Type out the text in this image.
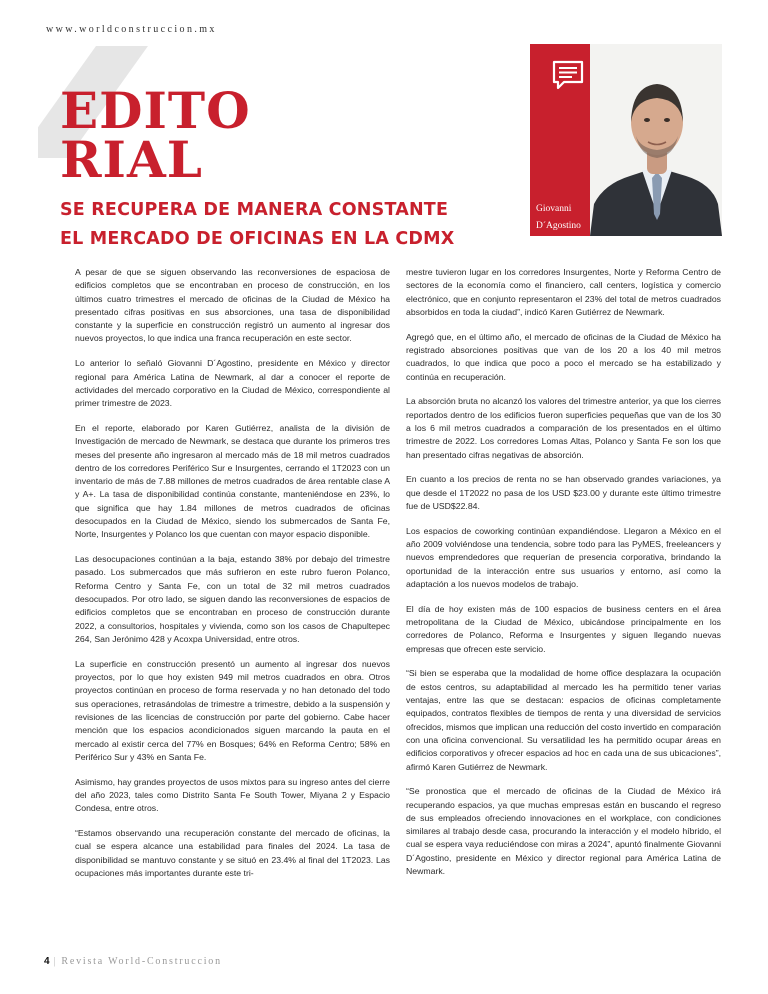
www.worldconstruccion.mx
EDITO
RIAL
SE RECUPERA DE MANERA CONSTANTE
EL MERCADO DE OFICINAS EN LA CDMX
Giovanni
D´Agostino

A pesar de que se siguen observando las reconversiones de espaciosa de edificios completos que se encontraban en proceso de construcción, en los últimos cuatro trimestres el mercado de oficinas de la Ciudad de México ha presentado cifras positivas en sus absorciones, una tasa de disponibilidad constante y la superficie en construcción registró un aumento al ingresar dos nuevos proyectos, lo que indica una franca recuperación en este sector.

Lo anterior lo señaló Giovanni D´Agostino, presidente en México y director regional para América Latina de Newmark, al dar a conocer el reporte de actividades del mercado corporativo en la Ciudad de México, correspondiente al primer trimestre de 2023.

En el reporte, elaborado por Karen Gutiérrez, analista de la división de Investigación de mercado de Newmark, se destaca que durante los primeros tres meses del presente año ingresaron al mercado más de 18 mil metros cuadrados dentro de los corredores Periférico Sur e Insurgentes, cerrando el 1T2023 con un inventario de más de 7.88 millones de metros cuadrados de área rentable clase A y A+. La tasa de disponibilidad continúa constante, manteniéndose en 23%, lo que significa que hay 1.84 millones de metros cuadrados de oficinas desocupados en la Ciudad de México, siendo los submercados de Santa Fe, Norte, Insurgentes y Polanco los que cuentan con mayor espacio disponible.

Las desocupaciones continúan a la baja, estando 38% por debajo del trimestre pasado. Los submercados que más sufrieron en este rubro fueron Polanco, Reforma Centro y Santa Fe, con un total de 32 mil metros cuadrados desocupados. Por otro lado, se siguen dando las reconversiones de espacios de edificios completos que se encontraban en proceso de construcción durante 2022, a consultorios, hospitales y vivienda, como son los casos de Chapultepec 264, San Jerónimo 428 y Acoxpa Universidad, entre otros.

La superficie en construcción presentó un aumento al ingresar dos nuevos proyectos, por lo que hoy existen 949 mil metros cuadrados en obra. Otros proyectos continúan en proceso de forma reservada y no han detonado del todo sus operaciones, retrasándolas de trimestre a trimestre, debido a la suspensión y revisiones de las licencias de construcción por parte del gobierno. Cabe hacer mención que los espacios acondicionados siguen marcando la pauta en el mercado al existir cerca del 77% en Bosques; 64% en Reforma Centro; 58% en Periférico Sur y 43% en Santa Fe.

Asimismo, hay grandes proyectos de usos mixtos para su ingreso antes del cierre del año 2023, tales como Distrito Santa Fe South Tower, Miyana 2 y Espacio Condesa, entre otros.

“Estamos observando una recuperación constante del mercado de oficinas, la cual se espera alcance una estabilidad para finales del 2024. La tasa de disponibilidad se mantuvo constante y se situó en 23.4% al final del 1T2023. Las ocupaciones más importantes durante este tri-

mestre tuvieron lugar en los corredores Insurgentes, Norte y Reforma Centro de sectores de la economía como el financiero, call centers, logística y comercio electrónico, que en conjunto representaron el 23% del total de metros cuadrados absorbidos en toda la ciudad”, indicó Karen Gutiérrez de Newmark.

Agregó que, en el último año, el mercado de oficinas de la Ciudad de México ha registrado absorciones positivas que van de los 20 a los 40 mil metros cuadrados, lo que indica que poco a poco el mercado se ha estabilizado y continúa en recuperación.

La absorción bruta no alcanzó los valores del trimestre anterior, ya que los cierres reportados dentro de los edificios fueron superficies pequeñas que van de los 30 a los 6 mil metros cuadrados a comparación de los presentados en el último trimestre de 2022. Los corredores Lomas Altas, Polanco y Santa Fe son los que han presentado cifras negativas de absorción.

En cuanto a los precios de renta no se han observado grandes variaciones, ya que desde el 1T2022 no pasa de los USD $23.00 y durante este último trimestre fue de USD$22.84.

Los espacios de coworking continúan expandiéndose. Llegaron a México en el año 2009 volviéndose una tendencia, sobre todo para las PyMES, freeleancers y nuevos emprendedores que requerían de presencia corporativa, brindando la oportunidad de la interacción entre sus usuarios y entorno, así como la adaptación a los nuevos modelos de trabajo.

El día de hoy existen más de 100 espacios de business centers en el área metropolitana de la Ciudad de México, ubicándose principalmente en los corredores de Polanco, Reforma e Insurgentes y siguen llegando nuevas empresas que ofrecen este servicio.

“Si bien se esperaba que la modalidad de home office desplazara la ocupación de estos centros, su adaptabilidad al mercado les ha permitido tener varias ventajas, entre las que se destacan: espacios de oficinas completamente equipados, contratos flexibles de tiempos de renta y una diversidad de servicios ofrecidos, mismos que implican una reducción del costo invertido en comparación con una oficina convencional. Su versatilidad les ha permitido ocupar áreas en edificios corporativos y ofrecer espacios ad hoc en cada una de sus ubicaciones”, afirmó Karen Gutiérrez de Newmark.

“Se pronostica que el mercado de oficinas de la Ciudad de México irá recuperando espacios, ya que muchas empresas están en buscando el regreso de sus empleados ofreciendo innovaciones en el workplace, con condiciones similares al trabajo desde casa, procurando la interacción y el modelo híbrido, el cual se espera vaya reduciéndose con miras a 2024”, apuntó finalmente Giovanni D´Agostino, presidente en México y director regional para América Latina de Newmark.

4 | Revista World-Construccion
